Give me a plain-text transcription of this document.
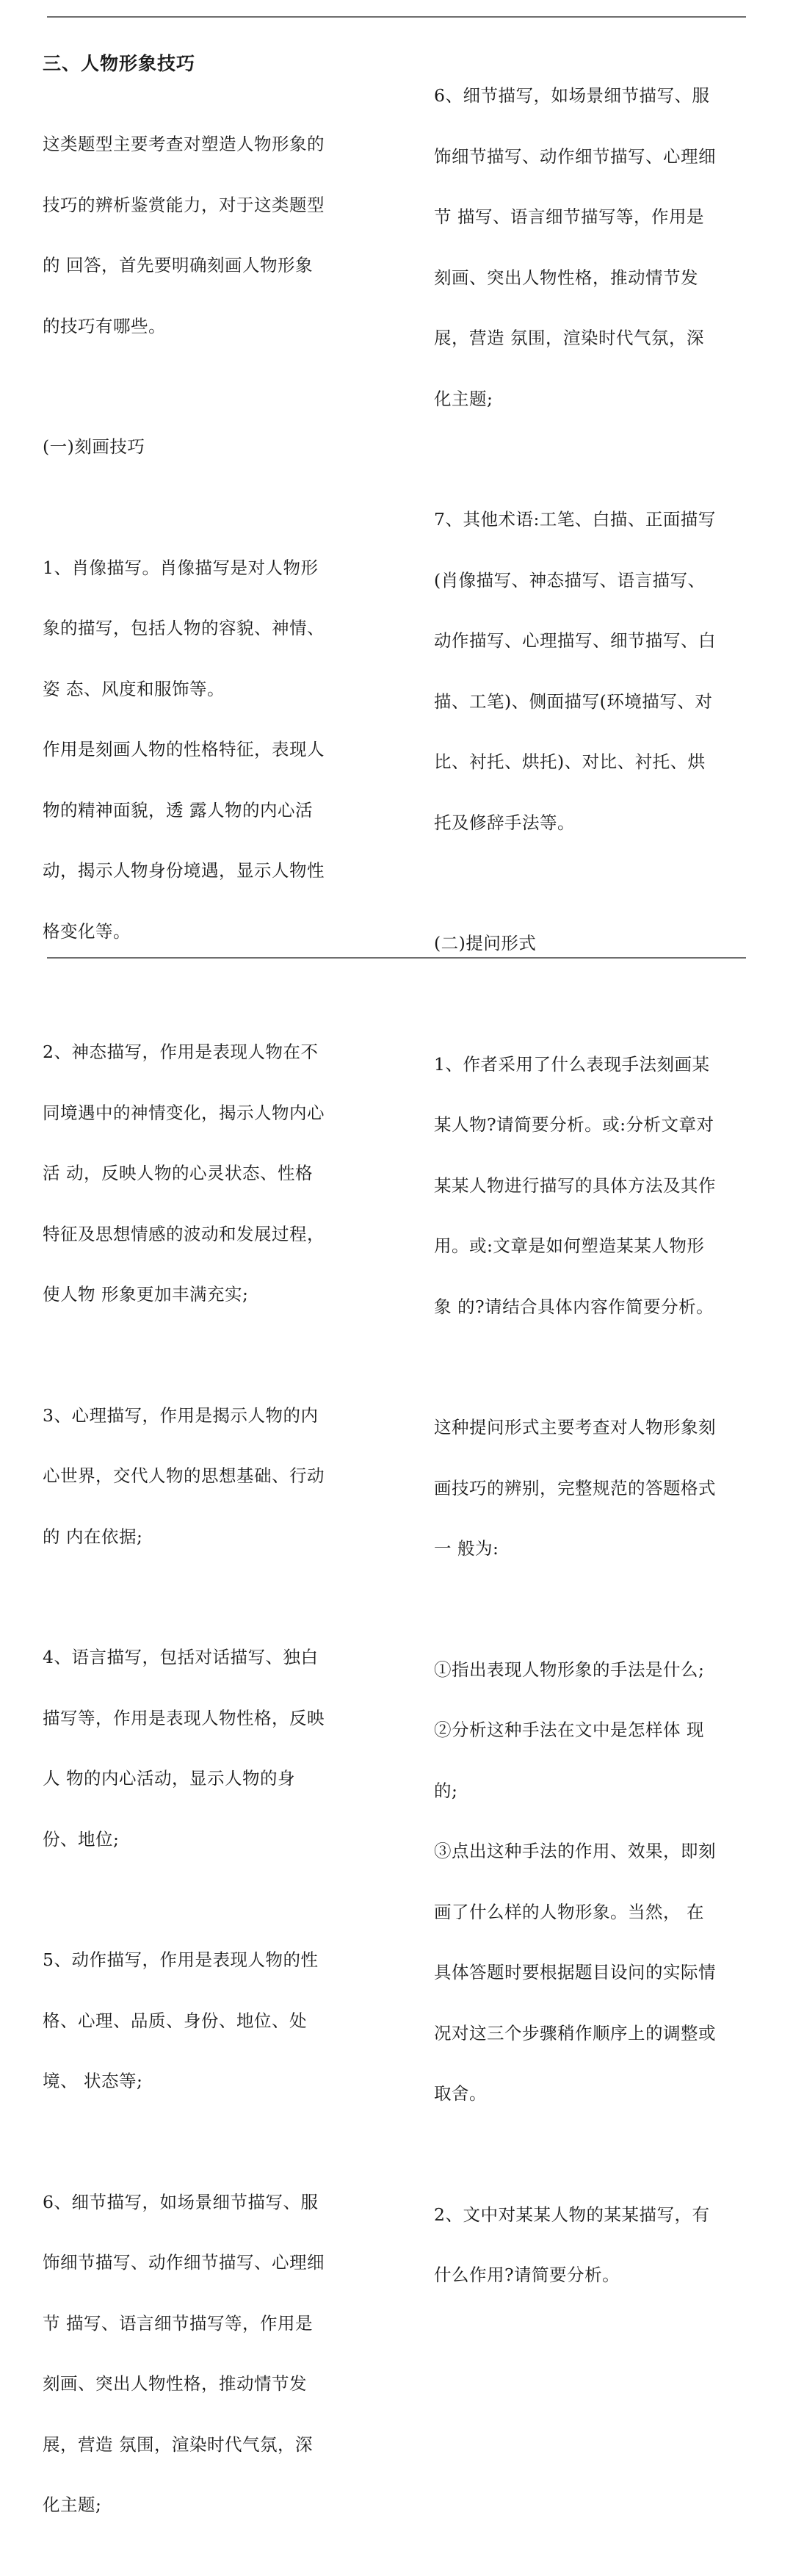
三、人物形象技巧

这类题型主要考查对塑造人物形象的

技巧的辨析鉴赏能力，对于这类题型

的 回答，首先要明确刻画人物形象

的技巧有哪些。

(一)刻画技巧

1、肖像描写。肖像描写是对人物形

象的描写，包括人物的容貌、神情、

姿 态、风度和服饰等。

作用是刻画人物的性格特征，表现人

物的精神面貌，透 露人物的内心活

动，揭示人物身份境遇，显示人物性

格变化等。

2、神态描写，作用是表现人物在不

同境遇中的神情变化，揭示人物内心

活 动，反映人物的心灵状态、性格

特征及思想情感的波动和发展过程，

使人物 形象更加丰满充实;

3、心理描写，作用是揭示人物的内

心世界，交代人物的思想基础、行动

的 内在依据;

4、语言描写，包括对话描写、独白

描写等，作用是表现人物性格，反映

人 物的内心活动，显示人物的身

份、地位;

5、动作描写，作用是表现人物的性

格、心理、品质、身份、地位、处

境、 状态等;

6、细节描写，如场景细节描写、服

饰细节描写、动作细节描写、心理细

节 描写、语言细节描写等，作用是

刻画、突出人物性格，推动情节发

展，营造 氛围，渲染时代气氛，深

化主题;

6、细节描写，如场景细节描写、服

饰细节描写、动作细节描写、心理细

节 描写、语言细节描写等，作用是

刻画、突出人物性格，推动情节发

展，营造 氛围，渲染时代气氛，深

化主题;

7、其他术语:工笔、白描、正面描写

(肖像描写、神态描写、语言描写、

动作描写、心理描写、细节描写、白

描、工笔)、侧面描写(环境描写、对

比、衬托、烘托)、对比、衬托、烘

托及修辞手法等。

(二)提问形式

1、作者采用了什么表现手法刻画某

某人物?请简要分析。或:分析文章对

某某人物进行描写的具体方法及其作

用。或:文章是如何塑造某某人物形

象 的?请结合具体内容作简要分析。

这种提问形式主要考查对人物形象刻

画技巧的辨别，完整规范的答题格式

一 般为:

①指出表现人物形象的手法是什么;

②分析这种手法在文中是怎样体 现

的;

③点出这种手法的作用、效果，即刻

画了什么样的人物形象。当然， 在

具体答题时要根据题目设问的实际情

况对这三个步骤稍作顺序上的调整或

取舍。

2、文中对某某人物的某某描写，有

什么作用?请简要分析。
